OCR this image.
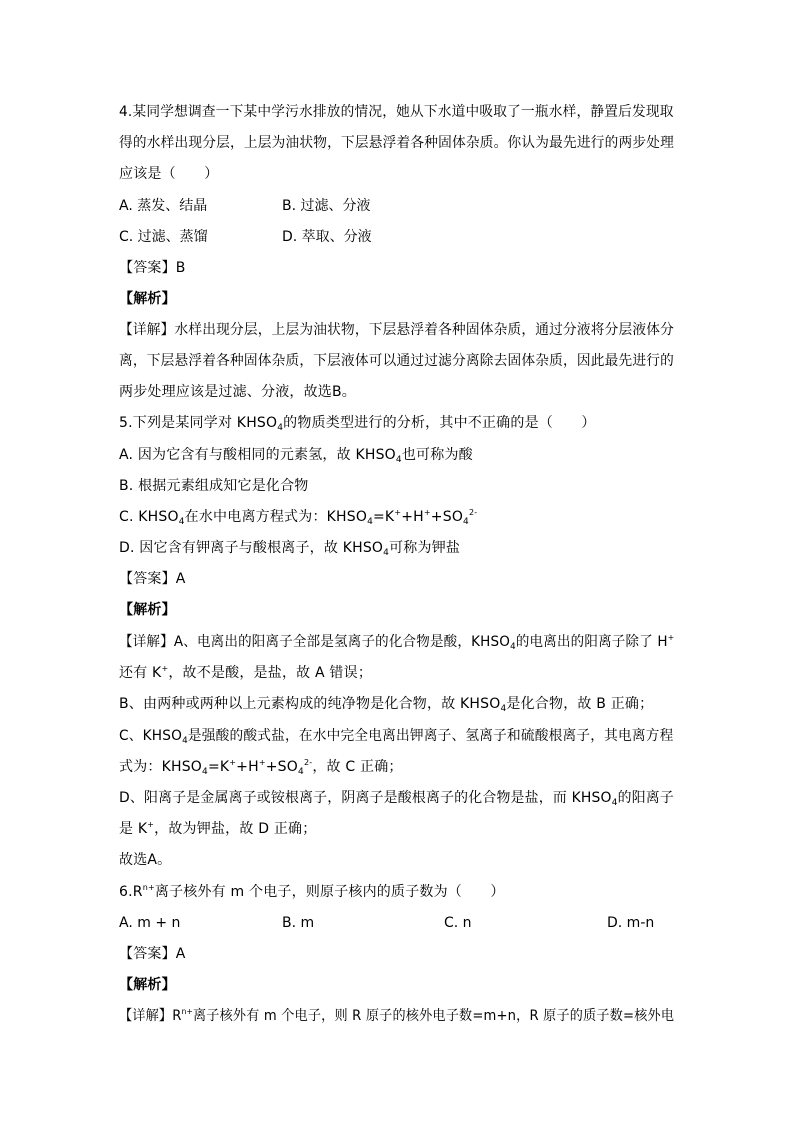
4.某同学想调查一下某中学污水排放的情况，她从下水道中吸取了一瓶水样，静置后发现取
得的水样出现分层，上层为油状物，下层悬浮着各种固体杂质。你认为最先进行的两步处理
应该是（　　）
A. 蒸发、结晶	B. 过滤、分液
C. 过滤、蒸馏	D. 萃取、分液
【答案】B
【解析】
【详解】水样出现分层，上层为油状物，下层悬浮着各种固体杂质，通过分液将分层液体分
离，下层悬浮着各种固体杂质，下层液体可以通过过滤分离除去固体杂质，因此最先进行的
两步处理应该是过滤、分液，故选B。
5.下列是某同学对 $KHSO_4$的物质类型进行的分析，其中不正确的是（　　）
A. 因为它含有与酸相同的元素氢，故 $KHSO_4$也可称为酸
B. 根据元素组成知它是化合物
C. $KHSO_4$在水中电离方程式为：$KHSO_4=K^++H^++SO_4^{2-}$
D. 因它含有钾离子与酸根离子，故 $KHSO_4$可称为钾盐
【答案】A
【解析】
【详解】A、电离出的阳离子全部是氢离子的化合物是酸，$KHSO_4$的电离出的阳离子除了 H+
还有 K+，故不是酸，是盐，故 A 错误；
B、由两种或两种以上元素构成的纯净物是化合物，故 $KHSO_4$是化合物，故 B 正确；
C、$KHSO_4$是强酸的酸式盐，在水中完全电离出钾离子、氢离子和硫酸根离子，其电离方程
式为：$KHSO_4=K^++H^++SO_4^{2-}$，故 C 正确；
D、阳离子是金属离子或铵根离子，阴离子是酸根离子的化合物是盐，而 $KHSO_4$的阳离子
是 K+，故为钾盐，故 D 正确；
故选A。
$6.R^{n+}$离子核外有 m 个电子，则原子核内的质子数为（　　）
A. m + n	B. m	C. n	D. m-n
【答案】A
【解析】
【详解】$R^{n+}$离子核外有 m 个电子，则 R 原子的核外电子数=m+n，R 原子的质子数=核外电
